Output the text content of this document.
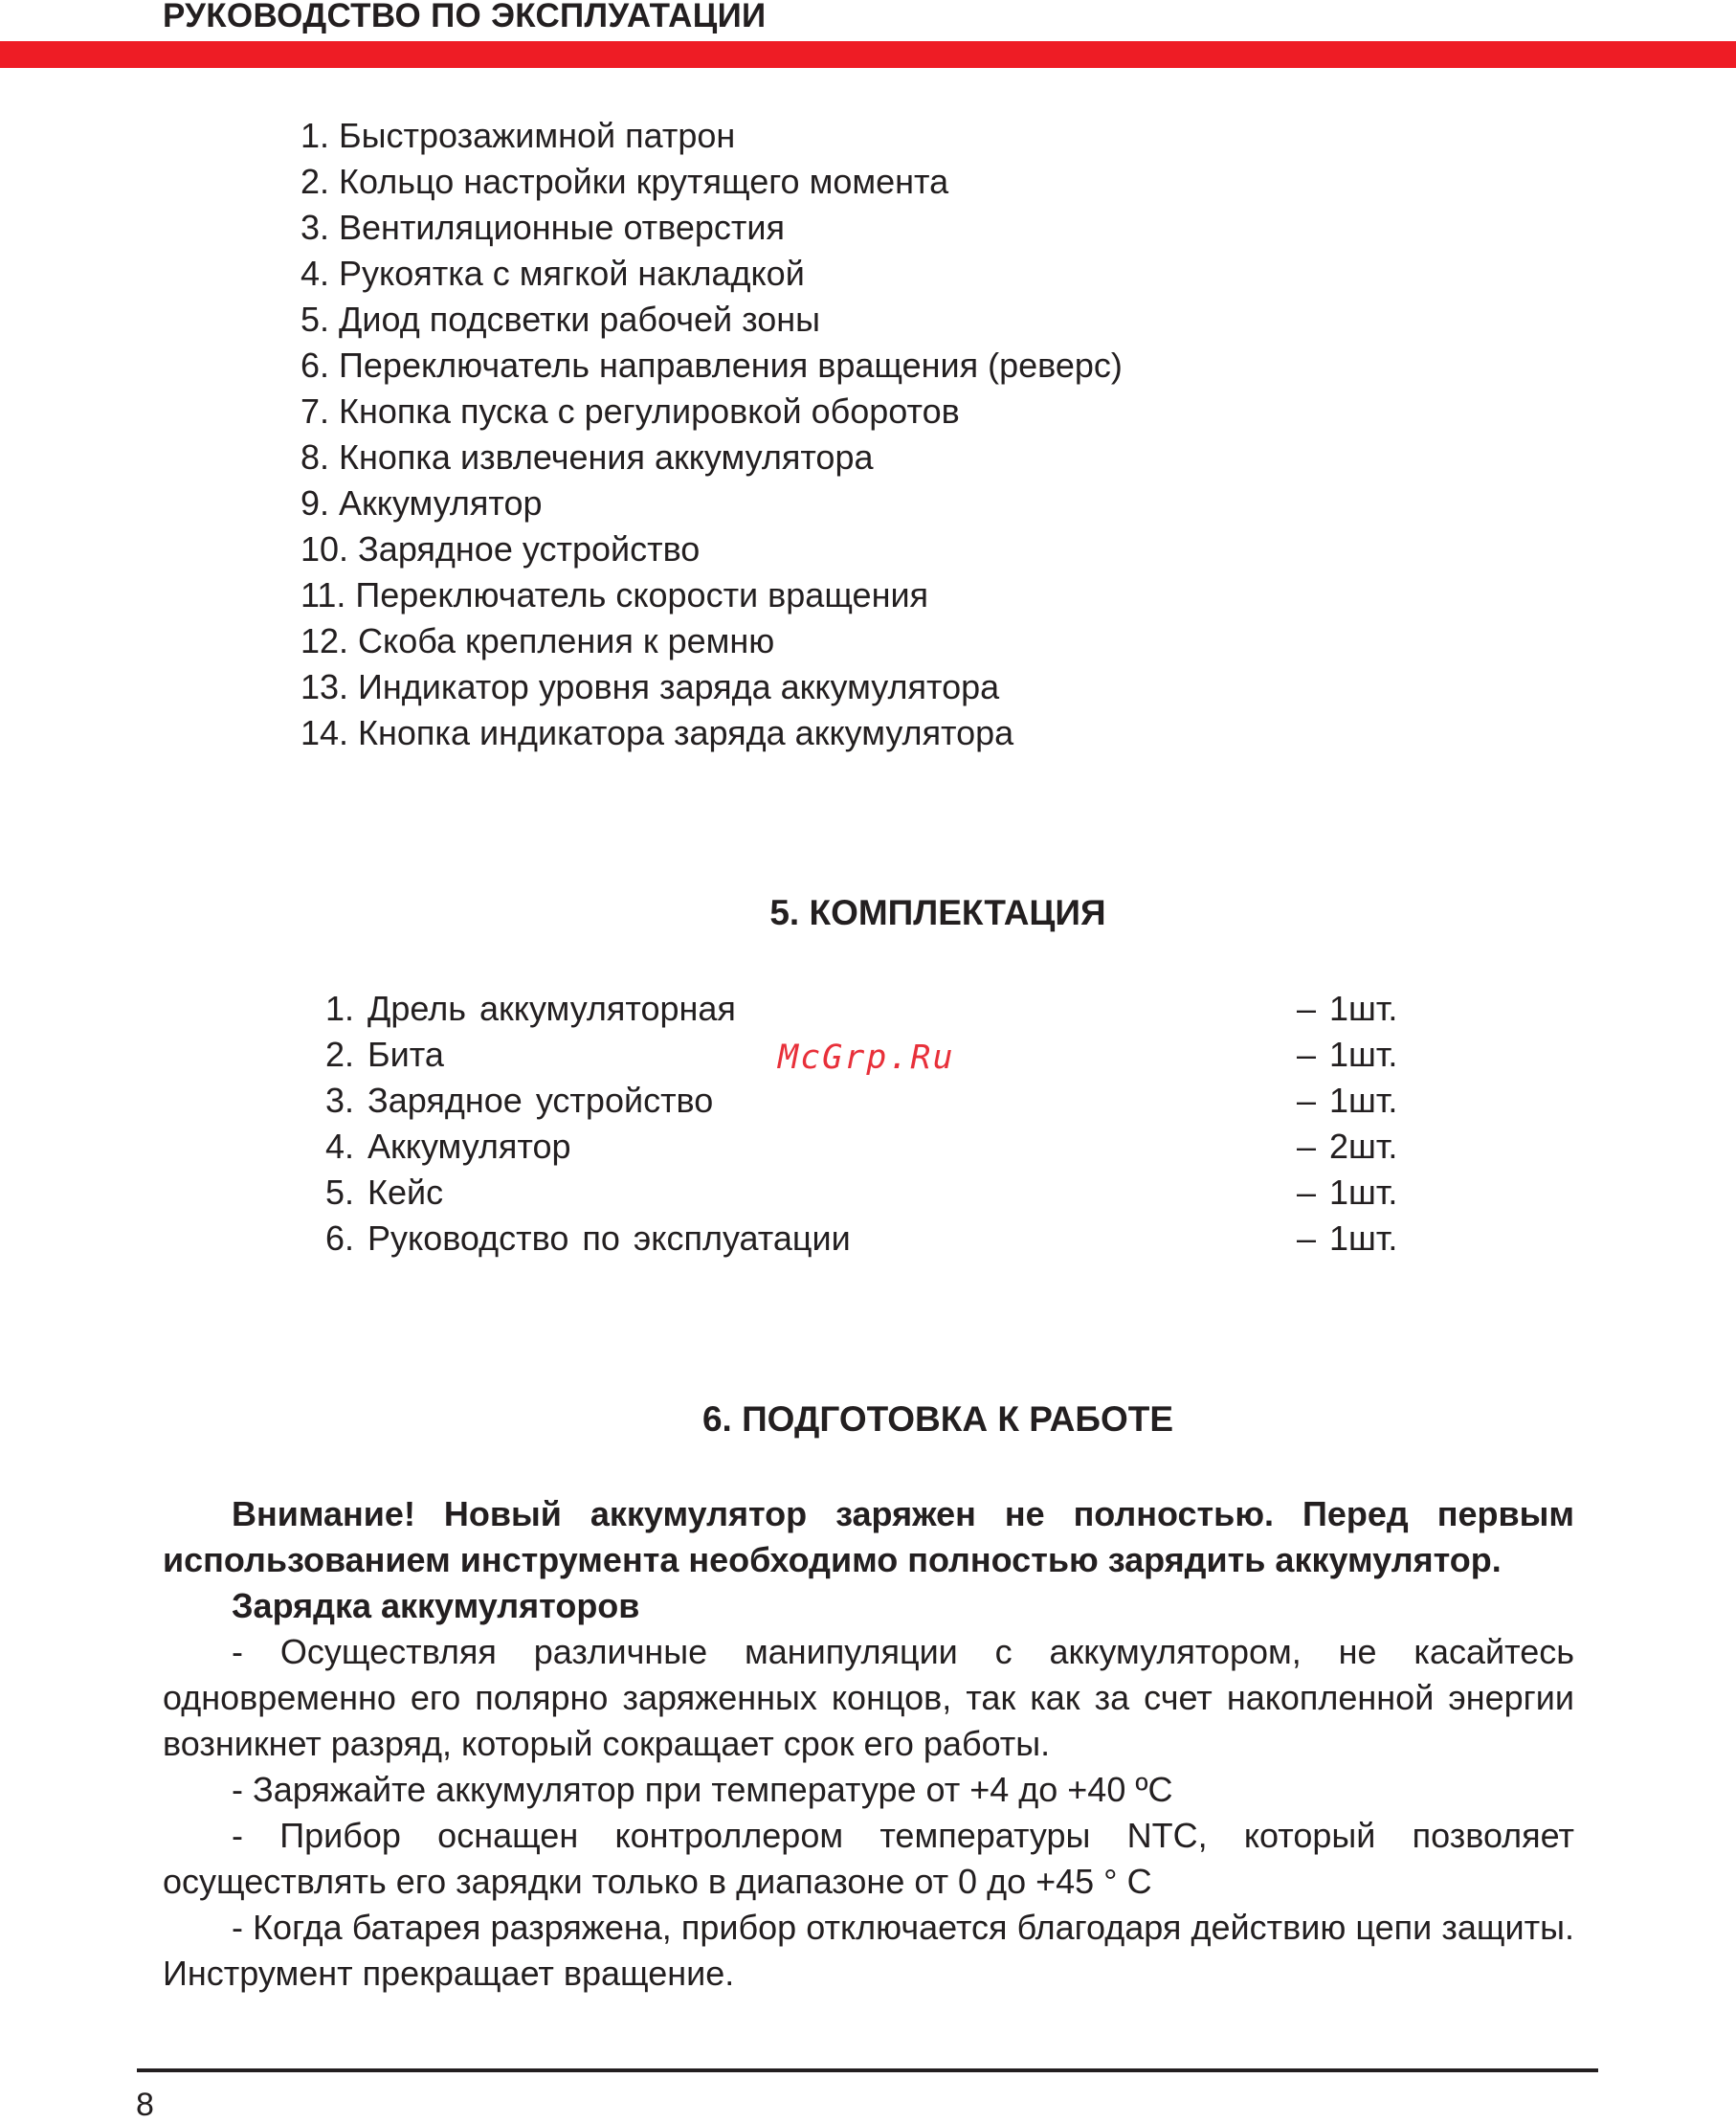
РУКОВОДСТВО ПО ЭКСПЛУАТАЦИИ
1. Быстрозажимной патрон
2. Кольцо настройки крутящего момента
3. Вентиляционные отверстия
4. Рукоятка с мягкой накладкой
5. Диод подсветки рабочей зоны
6. Переключатель направления вращения (реверс)
7. Кнопка пуска с регулировкой оборотов
8. Кнопка извлечения аккумулятора
9. Аккумулятор
10. Зарядное устройство
11. Переключатель скорости вращения
12. Скоба крепления к ремню
13. Индикатор уровня заряда аккумулятора
14. Кнопка индикатора заряда аккумулятора
5. КОМПЛЕКТАЦИЯ
1. Дрель аккумуляторная	– 1шт.
2. Бита	– 1шт.
3. Зарядное устройство	– 1шт.
4. Аккумулятор	– 2шт.
5. Кейс	– 1шт.
6. Руководство по эксплуатации	– 1шт.
McGrp.Ru
6. ПОДГОТОВКА К РАБОТЕ

Внимание! Новый аккумулятор заряжен не полностью. Перед первым использованием инструмента необходимо полностью зарядить аккумулятор.

Зарядка аккумуляторов

- Осуществляя различные манипуляции с аккумулятором, не касайтесь одновременно его полярно заряженных концов, так как за счет накопленной энергии возникнет разряд, который сокращает срок его работы.

- Заряжайте аккумулятор при температуре от +4 до +40 ºС

- Прибор оснащен контроллером температуры NTC, который позволяет осуществлять его зарядки только в диапазоне от 0 до +45 ° С

- Когда батарея разряжена, прибор отключается благодаря действию цепи защиты. Инструмент прекращает вращение.

8
